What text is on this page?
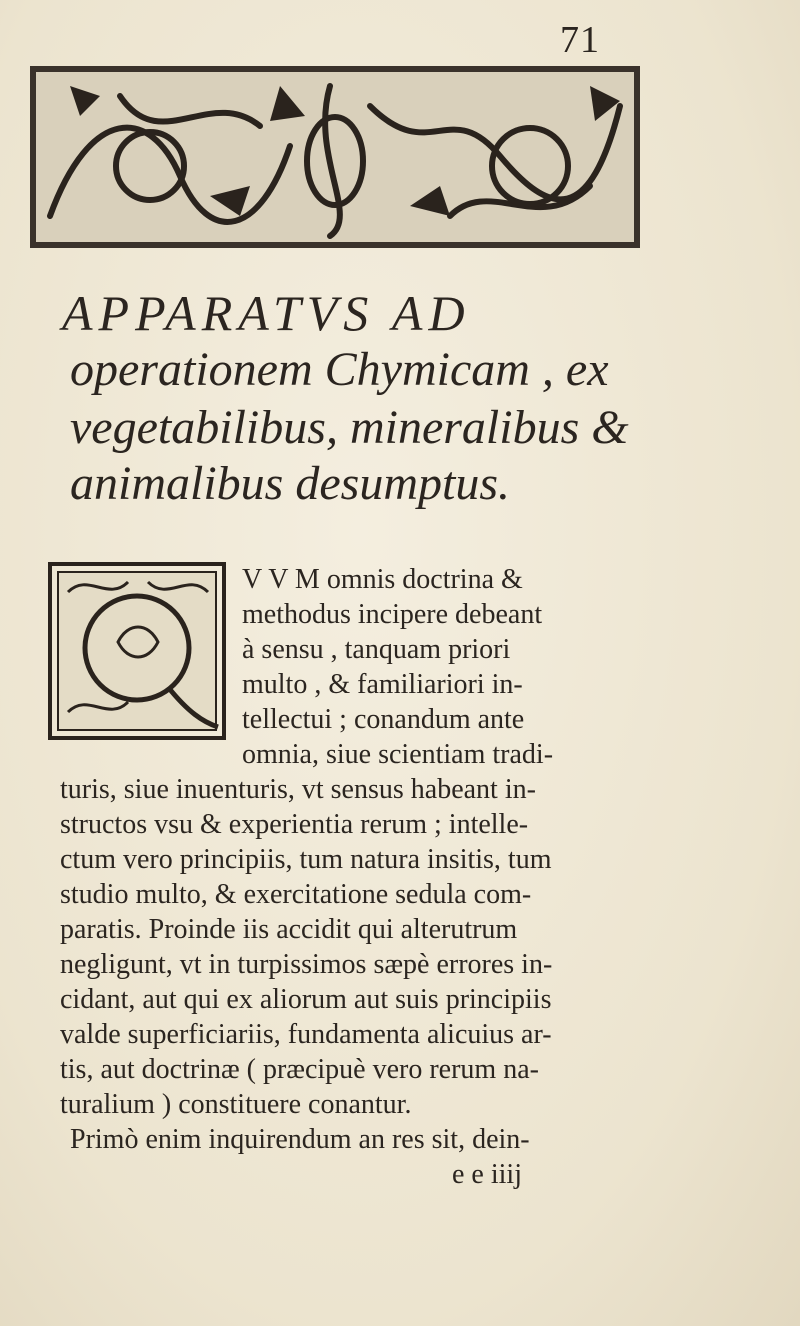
71
APPARATVS AD
operationem Chymicam , ex
vegetabilibus, mineralibus &
animalibus desumptus.
V V M omnis doctrina &
methodus incipere debeant
à sensu , tanquam priori
multo , & familiariori in-
tellectui ; conandum ante
omnia, siue scientiam tradi-
turis, siue inuenturis, vt sensus habeant in-
structos vsu & experientia rerum ; intelle-
ctum vero principiis, tum natura insitis, tum
studio multo, & exercitatione sedula com-
paratis. Proinde iis accidit qui alterutrum
negligunt, vt in turpissimos sæpè errores in-
cidant, aut qui ex aliorum aut suis principiis
valde superficiariis, fundamenta alicuius ar-
tis, aut doctrinæ ( præcipuè vero rerum na-
turalium ) constituere conantur.
Primò enim inquirendum an res sit, dein-
e e iiij
